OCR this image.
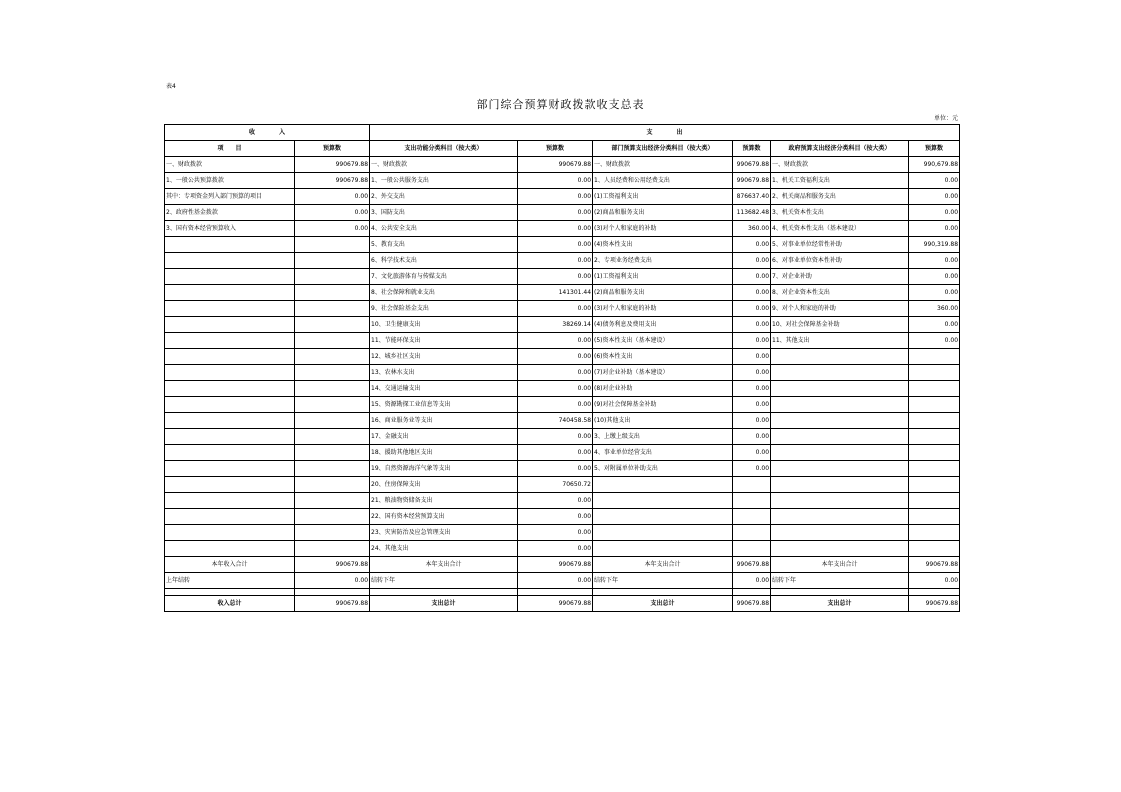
表4
部门综合预算财政拨款收支总表
单位：元
收　　　　入		支　　　　出					
项　　目	预算数	支出功能分类科目（按大类）	预算数	部门预算支出经济分类科目（按大类）	预算数	政府预算支出经济分类科目（按大类）	预算数
一、财政拨款	990679.88	一、财政拨款	990679.88	一、财政拨款	990679.88	一、财政拨款	990,679.88
1、一般公共预算拨款	990679.88	1、一般公共服务支出	0.00	1、人员经费和公用经费支出	990679.88	1、机关工资福利支出	0.00
其中：专项资金列入部门预算的项目	0.00	2、外交支出	0.00	(1)工资福利支出	876637.40	2、机关商品和服务支出	0.00
2、政府性基金拨款	0.00	3、国防支出	0.00	(2)商品和服务支出	113682.48	3、机关资本性支出	0.00
3、国有资本经营预算收入	0.00	4、公共安全支出	0.00	(3)对个人和家庭的补助	360.00	4、机关资本性支出（基本建设）	0.00
		5、教育支出	0.00	(4)资本性支出	0.00	5、对事业单位经常性补助	990,319.88
		6、科学技术支出	0.00	2、专项业务经费支出	0.00	6、对事业单位资本性补助	0.00
		7、文化旅游体育与传媒支出	0.00	(1)工资福利支出	0.00	7、对企业补助	0.00
		8、社会保障和就业支出	141301.44	(2)商品和服务支出	0.00	8、对企业资本性支出	0.00
		9、社会保险基金支出	0.00	(3)对个人和家庭的补助	0.00	9、对个人和家庭的补助	360.00
		10、卫生健康支出	38269.14	(4)债务利息及费用支出	0.00	10、对社会保障基金补助	0.00
		11、节能环保支出	0.00	(5)资本性支出（基本建设）	0.00	11、其他支出	0.00
		12、城乡社区支出	0.00	(6)资本性支出	0.00		
		13、农林水支出	0.00	(7)对企业补助（基本建设）	0.00		
		14、交通运输支出	0.00	(8)对企业补助	0.00		
		15、资源勘探工业信息等支出	0.00	(9)对社会保障基金补助	0.00		
		16、商业服务业等支出	740458.58	(10)其他支出	0.00		
		17、金融支出	0.00	3、上缴上级支出	0.00		
		18、援助其他地区支出	0.00	4、事业单位经营支出	0.00		
		19、自然资源海洋气象等支出	0.00	5、对附属单位补助支出	0.00		
		20、住房保障支出	70650.72				
		21、粮油物资储备支出	0.00				
		22、国有资本经营预算支出	0.00				
		23、灾害防治及应急管理支出	0.00				
		24、其他支出	0.00				
本年收入合计	990679.88	本年支出合计	990679.88	本年支出合计	990679.88	本年支出合计	990679.88
上年结转	0.00	结转下年	0.00	结转下年	0.00	结转下年	0.00

收入总计	990679.88	支出总计	990679.88	支出总计	990679.88	支出总计	990679.88
